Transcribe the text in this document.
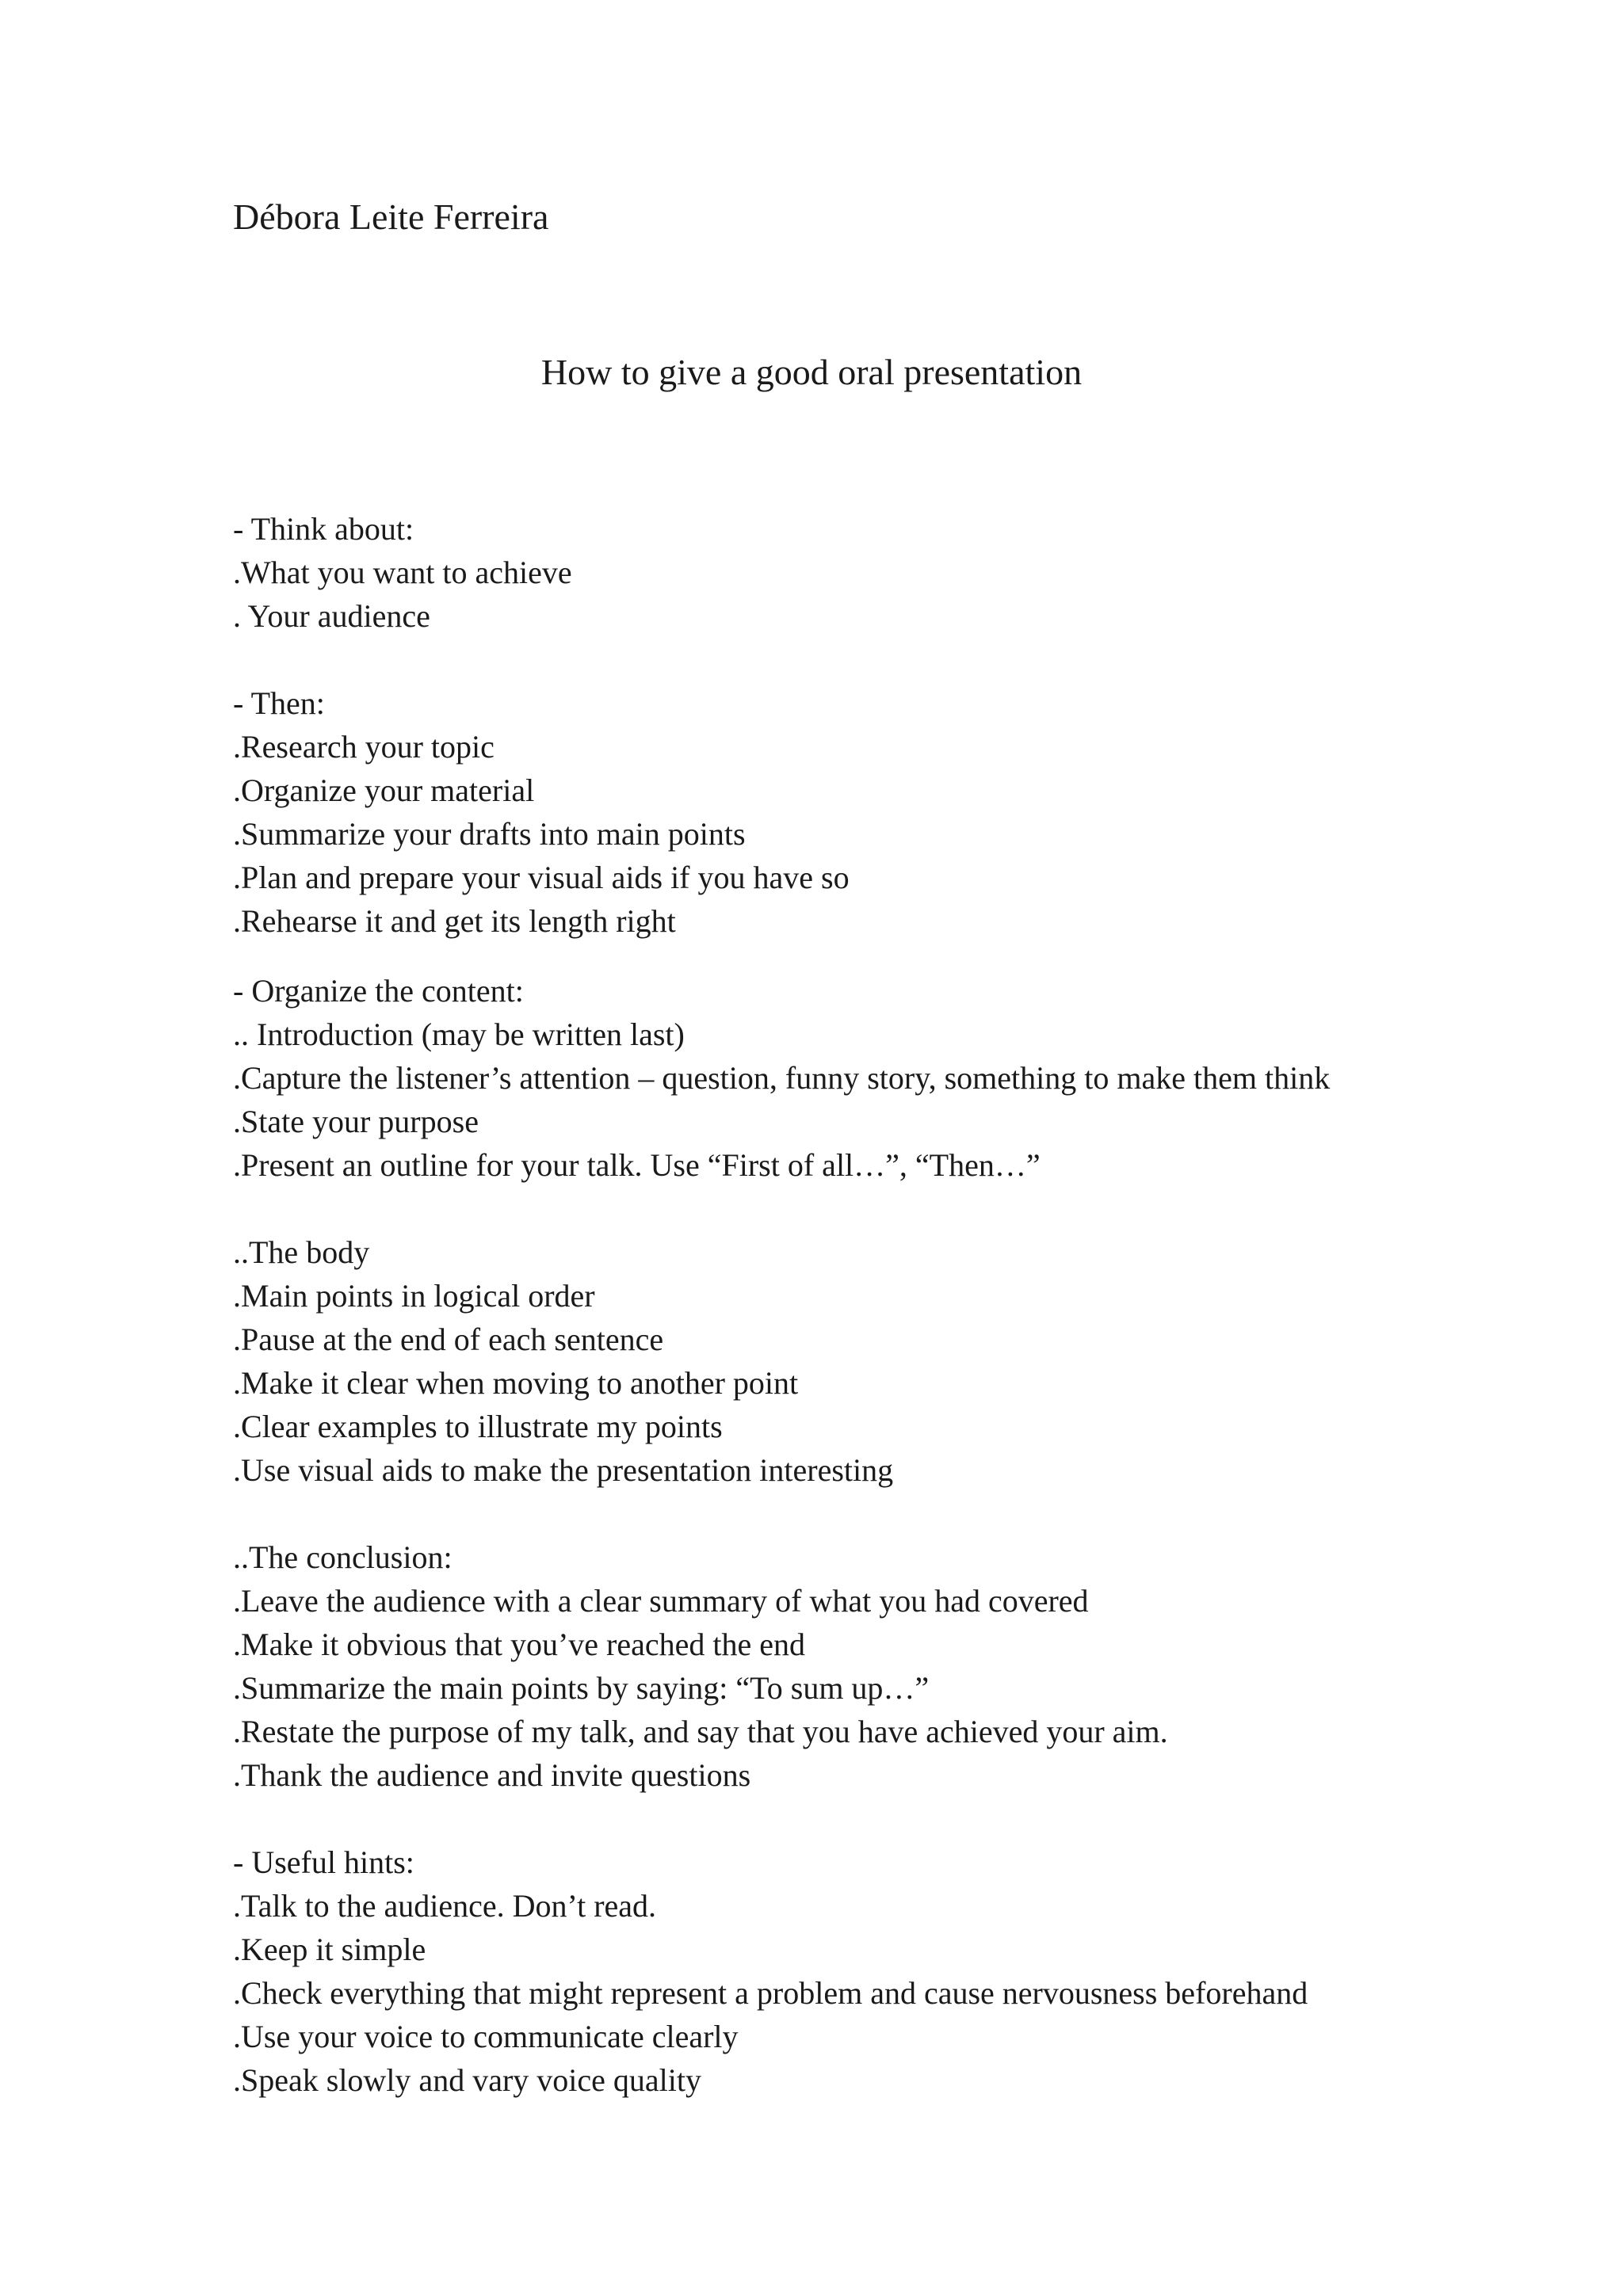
Débora Leite Ferreira
How to give a good oral presentation
- Think about:
.What you want to achieve
. Your audience
- Then:
.Research your topic
.Organize your material
.Summarize your drafts into main points
.Plan and prepare your visual aids if you have so
.Rehearse it and get its length right
- Organize the content:
.. Introduction (may be written last)
.Capture the listener’s attention – question, funny story, something to make them think
.State your purpose
.Present an outline for your talk. Use “First of all…”, “Then…”
..The body
.Main points in logical order
.Pause at the end of each sentence
.Make it clear when moving to another point
.Clear examples to illustrate my points
.Use visual aids to make the presentation interesting
..The conclusion:
.Leave the audience with a clear summary of what you had covered
.Make it obvious that you’ve reached the end
.Summarize the main points by saying: “To sum up…”
.Restate the purpose of my talk, and say that you have achieved your aim.
.Thank the audience and invite questions
- Useful hints:
.Talk to the audience. Don’t read.
.Keep it simple
.Check everything that might represent a problem and cause nervousness beforehand
.Use your voice to communicate clearly
.Speak slowly and vary voice quality
